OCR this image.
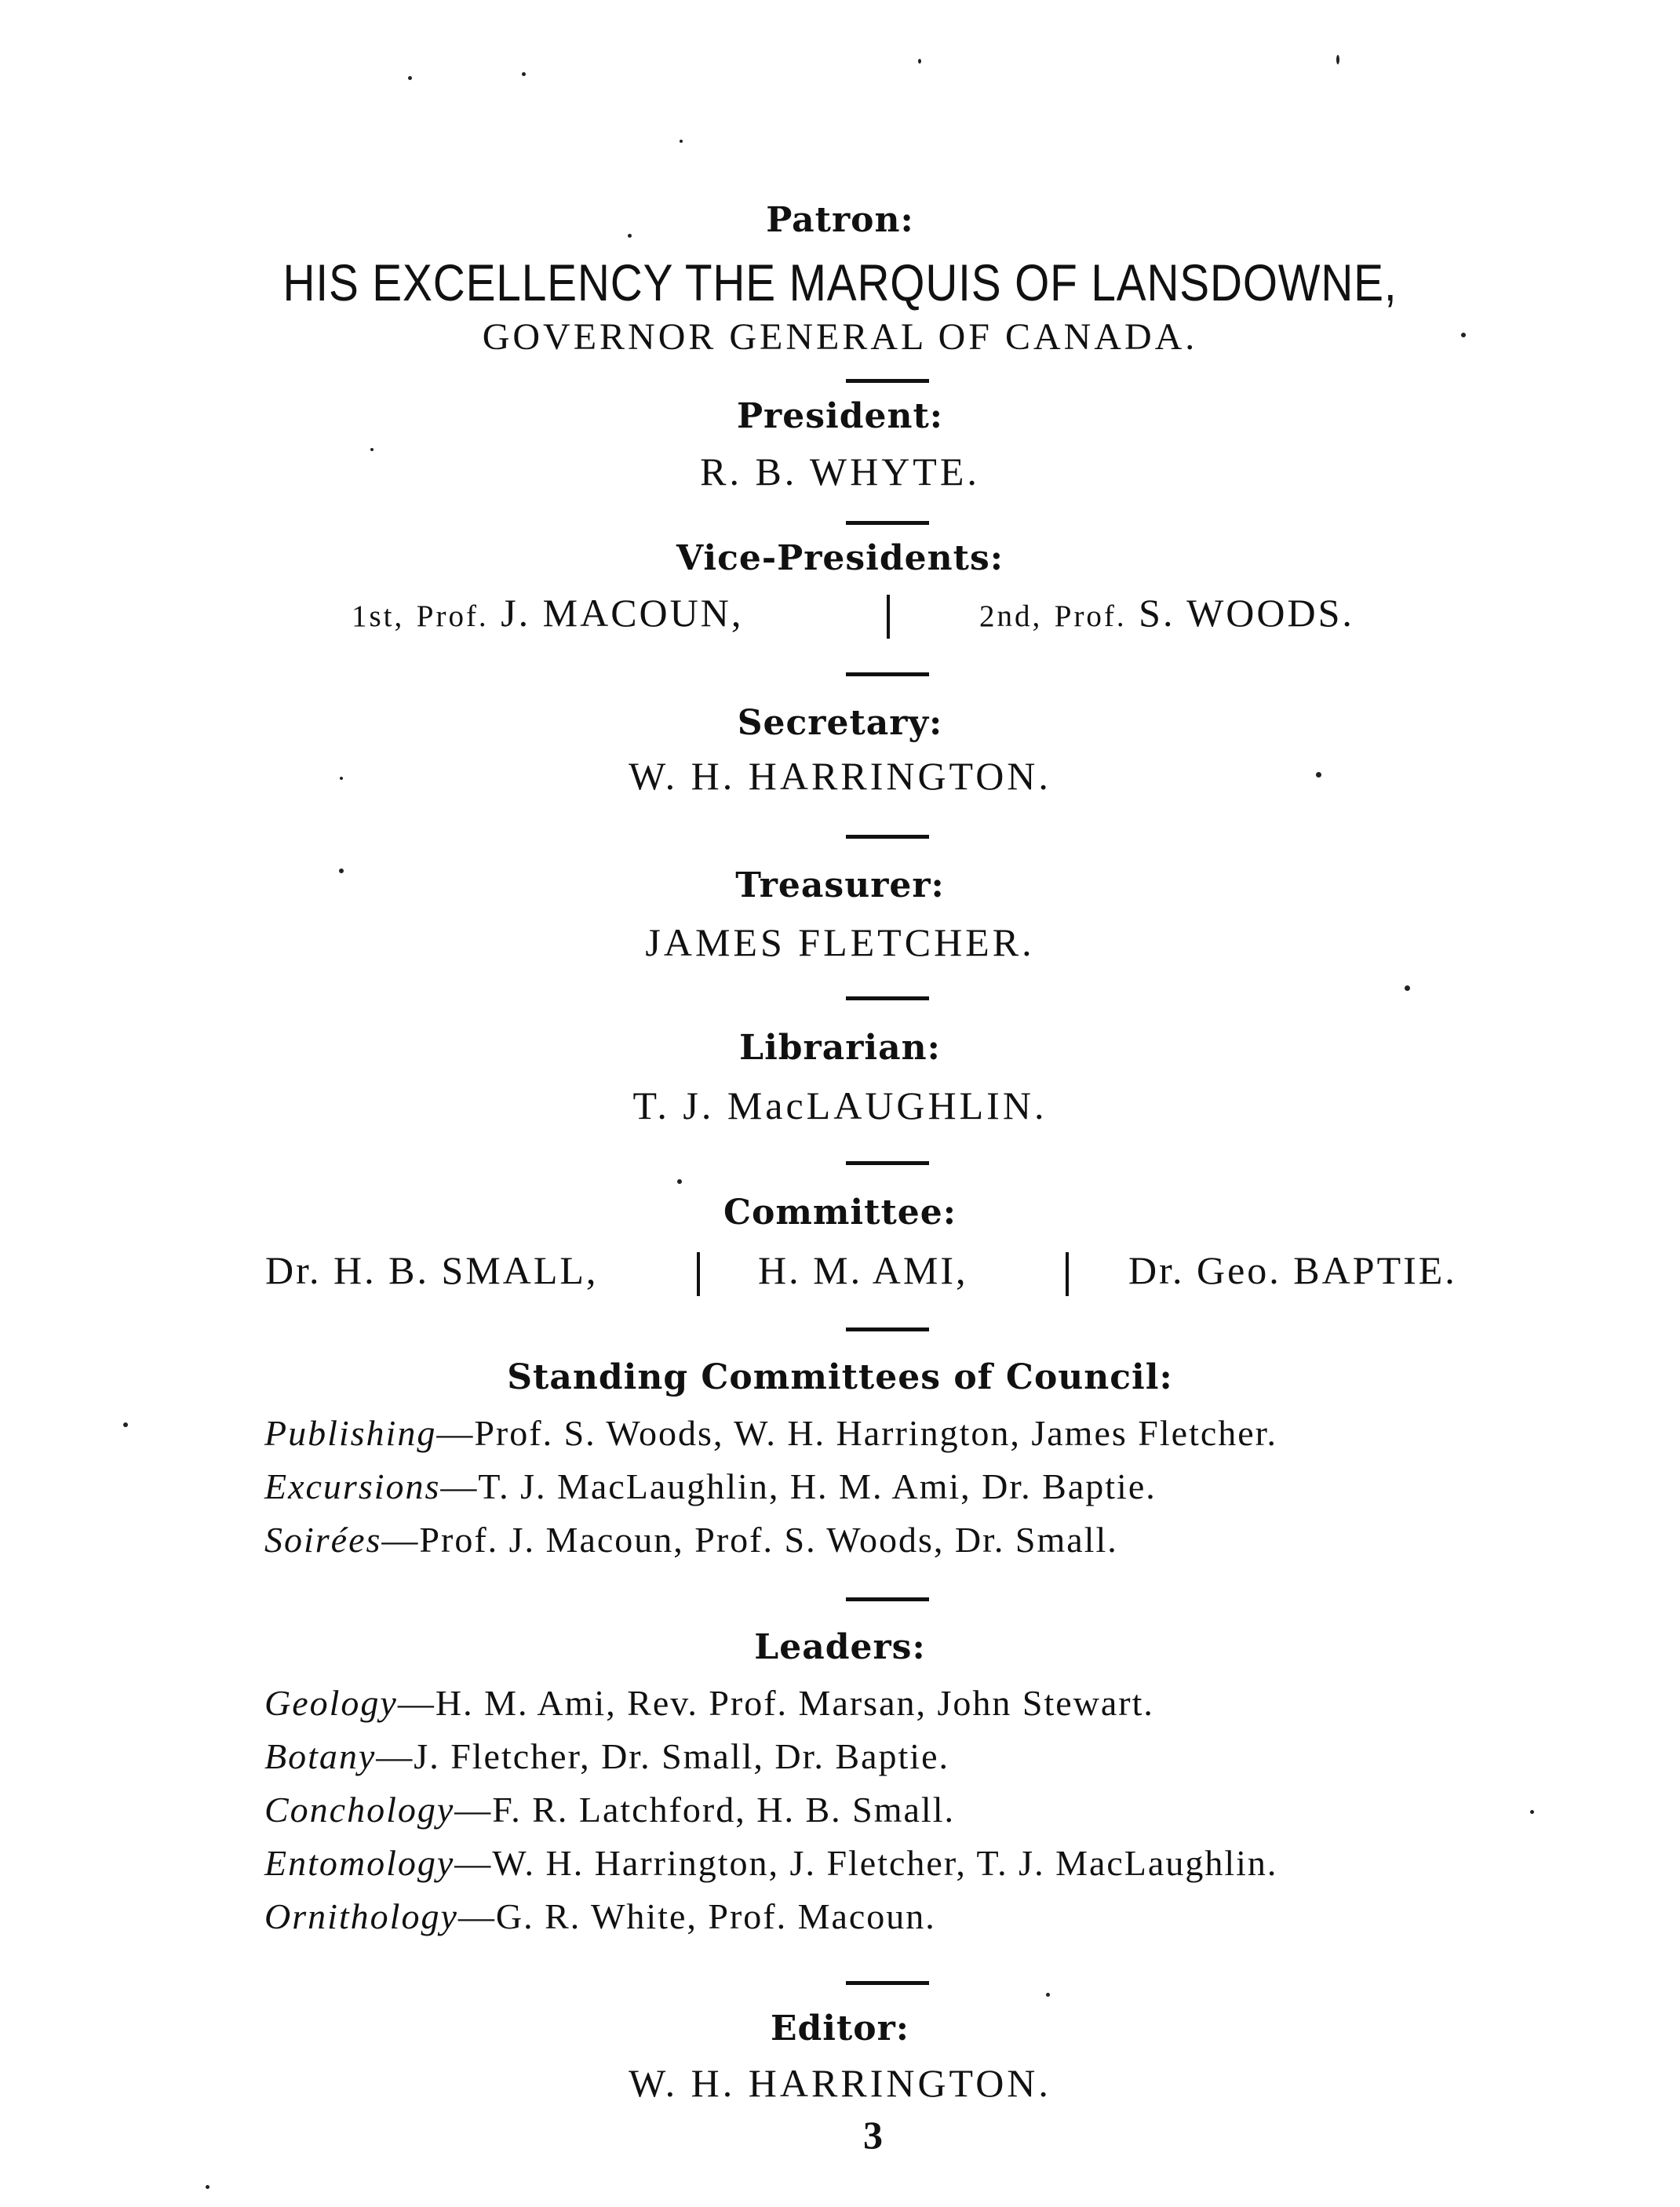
Patron:
HIS EXCELLENCY THE MARQUIS OF LANSDOWNE,
GOVERNOR GENERAL OF CANADA.
President:
R. B. WHYTE.
Vice-Presidents:
1st, Prof. J. MACOUN,	2nd, Prof. S. WOODS.
Secretary:
W. H. HARRINGTON.
Treasurer:
JAMES FLETCHER.
Librarian:
T. J. MacLAUGHLIN.
Committee:
Dr. H. B. SMALL,	H. M. AMI,	Dr. Geo. BAPTIE.
Standing Committees of Council:
Publishing—Prof. S. Woods, W. H. Harrington, James Fletcher.
Excursions—T. J. MacLaughlin, H. M. Ami, Dr. Baptie.
Soirées—Prof. J. Macoun, Prof. S. Woods, Dr. Small.
Leaders:
Geology—H. M. Ami, Rev. Prof. Marsan, John Stewart.
Botany—J. Fletcher, Dr. Small, Dr. Baptie.
Conchology—F. R. Latchford, H. B. Small.
Entomology—W. H. Harrington, J. Fletcher, T. J. MacLaughlin.
Ornithology—G. R. White, Prof. Macoun.
Editor:
W. H. HARRINGTON.
3
